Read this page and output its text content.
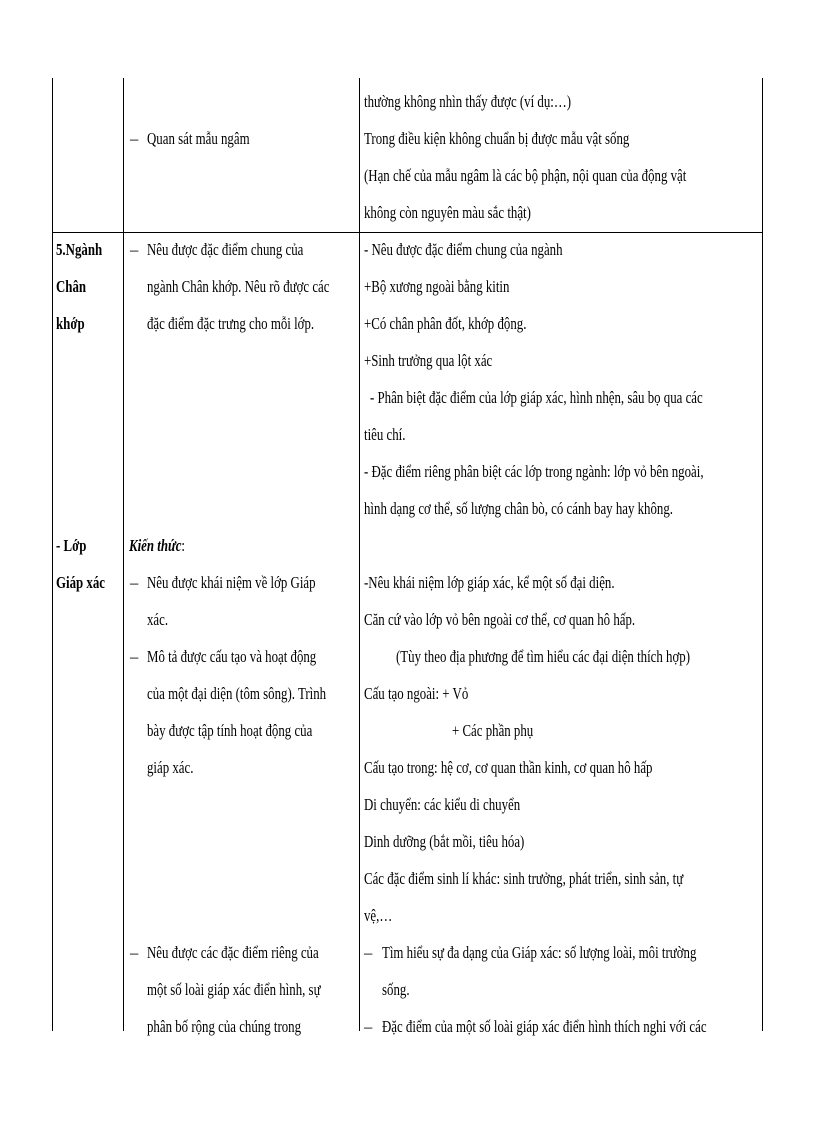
5.Ngành
Chân
khớp
- Lớp
Giáp xác
– Quan sát mẫu ngâm
– Nêu được đặc điểm chung của
ngành Chân khớp. Nêu rõ được các
đặc điểm đặc trưng cho mỗi lớp.
Kiến thức:
– Nêu được khái niệm về lớp Giáp
xác.
– Mô tả được cấu tạo và hoạt động
của một đại diện (tôm sông). Trình
bày được tập tính hoạt động của
giáp xác.
– Nêu được các đặc điểm riêng của
một số loài giáp xác điển hình, sự
phân bố rộng của chúng trong
thường không nhìn thấy được (ví dụ:…)
Trong điều kiện không chuẩn bị được mẫu vật sống
(Hạn chế của mẫu ngâm là các bộ phận, nội quan của động vật
không còn nguyên màu sắc thật)
- Nêu được đặc điểm chung của ngành
+Bộ xương ngoài bằng kitin
+Có chân phân đốt, khớp động.
+Sinh trưởng qua lột xác
- Phân biệt đặc điểm của lớp giáp xác, hình nhện, sâu bọ qua các
tiêu chí.
- Đặc điểm riêng phân biệt các lớp trong ngành: lớp vỏ bên ngoài,
hình dạng cơ thể, số lượng chân bò, có cánh bay hay không.
-Nêu khái niệm lớp giáp xác, kể một số đại diện.
Căn cứ vào lớp vỏ bên ngoài cơ thể, cơ quan hô hấp.
(Tùy theo địa phương để tìm hiểu các đại diện thích hợp)
Cấu tạo ngoài: + Vỏ
+ Các phần phụ
Cấu tạo trong: hệ cơ, cơ quan thần kinh, cơ quan hô hấp
Di chuyển: các kiểu di chuyển
Dinh dưỡng (bắt mồi, tiêu hóa)
Các đặc điểm sinh lí khác: sinh trưởng, phát triển, sinh sản, tự
vệ,…
– Tìm hiểu sự đa dạng của Giáp xác: số lượng loài, môi trường
sống.
– Đặc điểm của một số loài giáp xác điển hình thích nghi với các
